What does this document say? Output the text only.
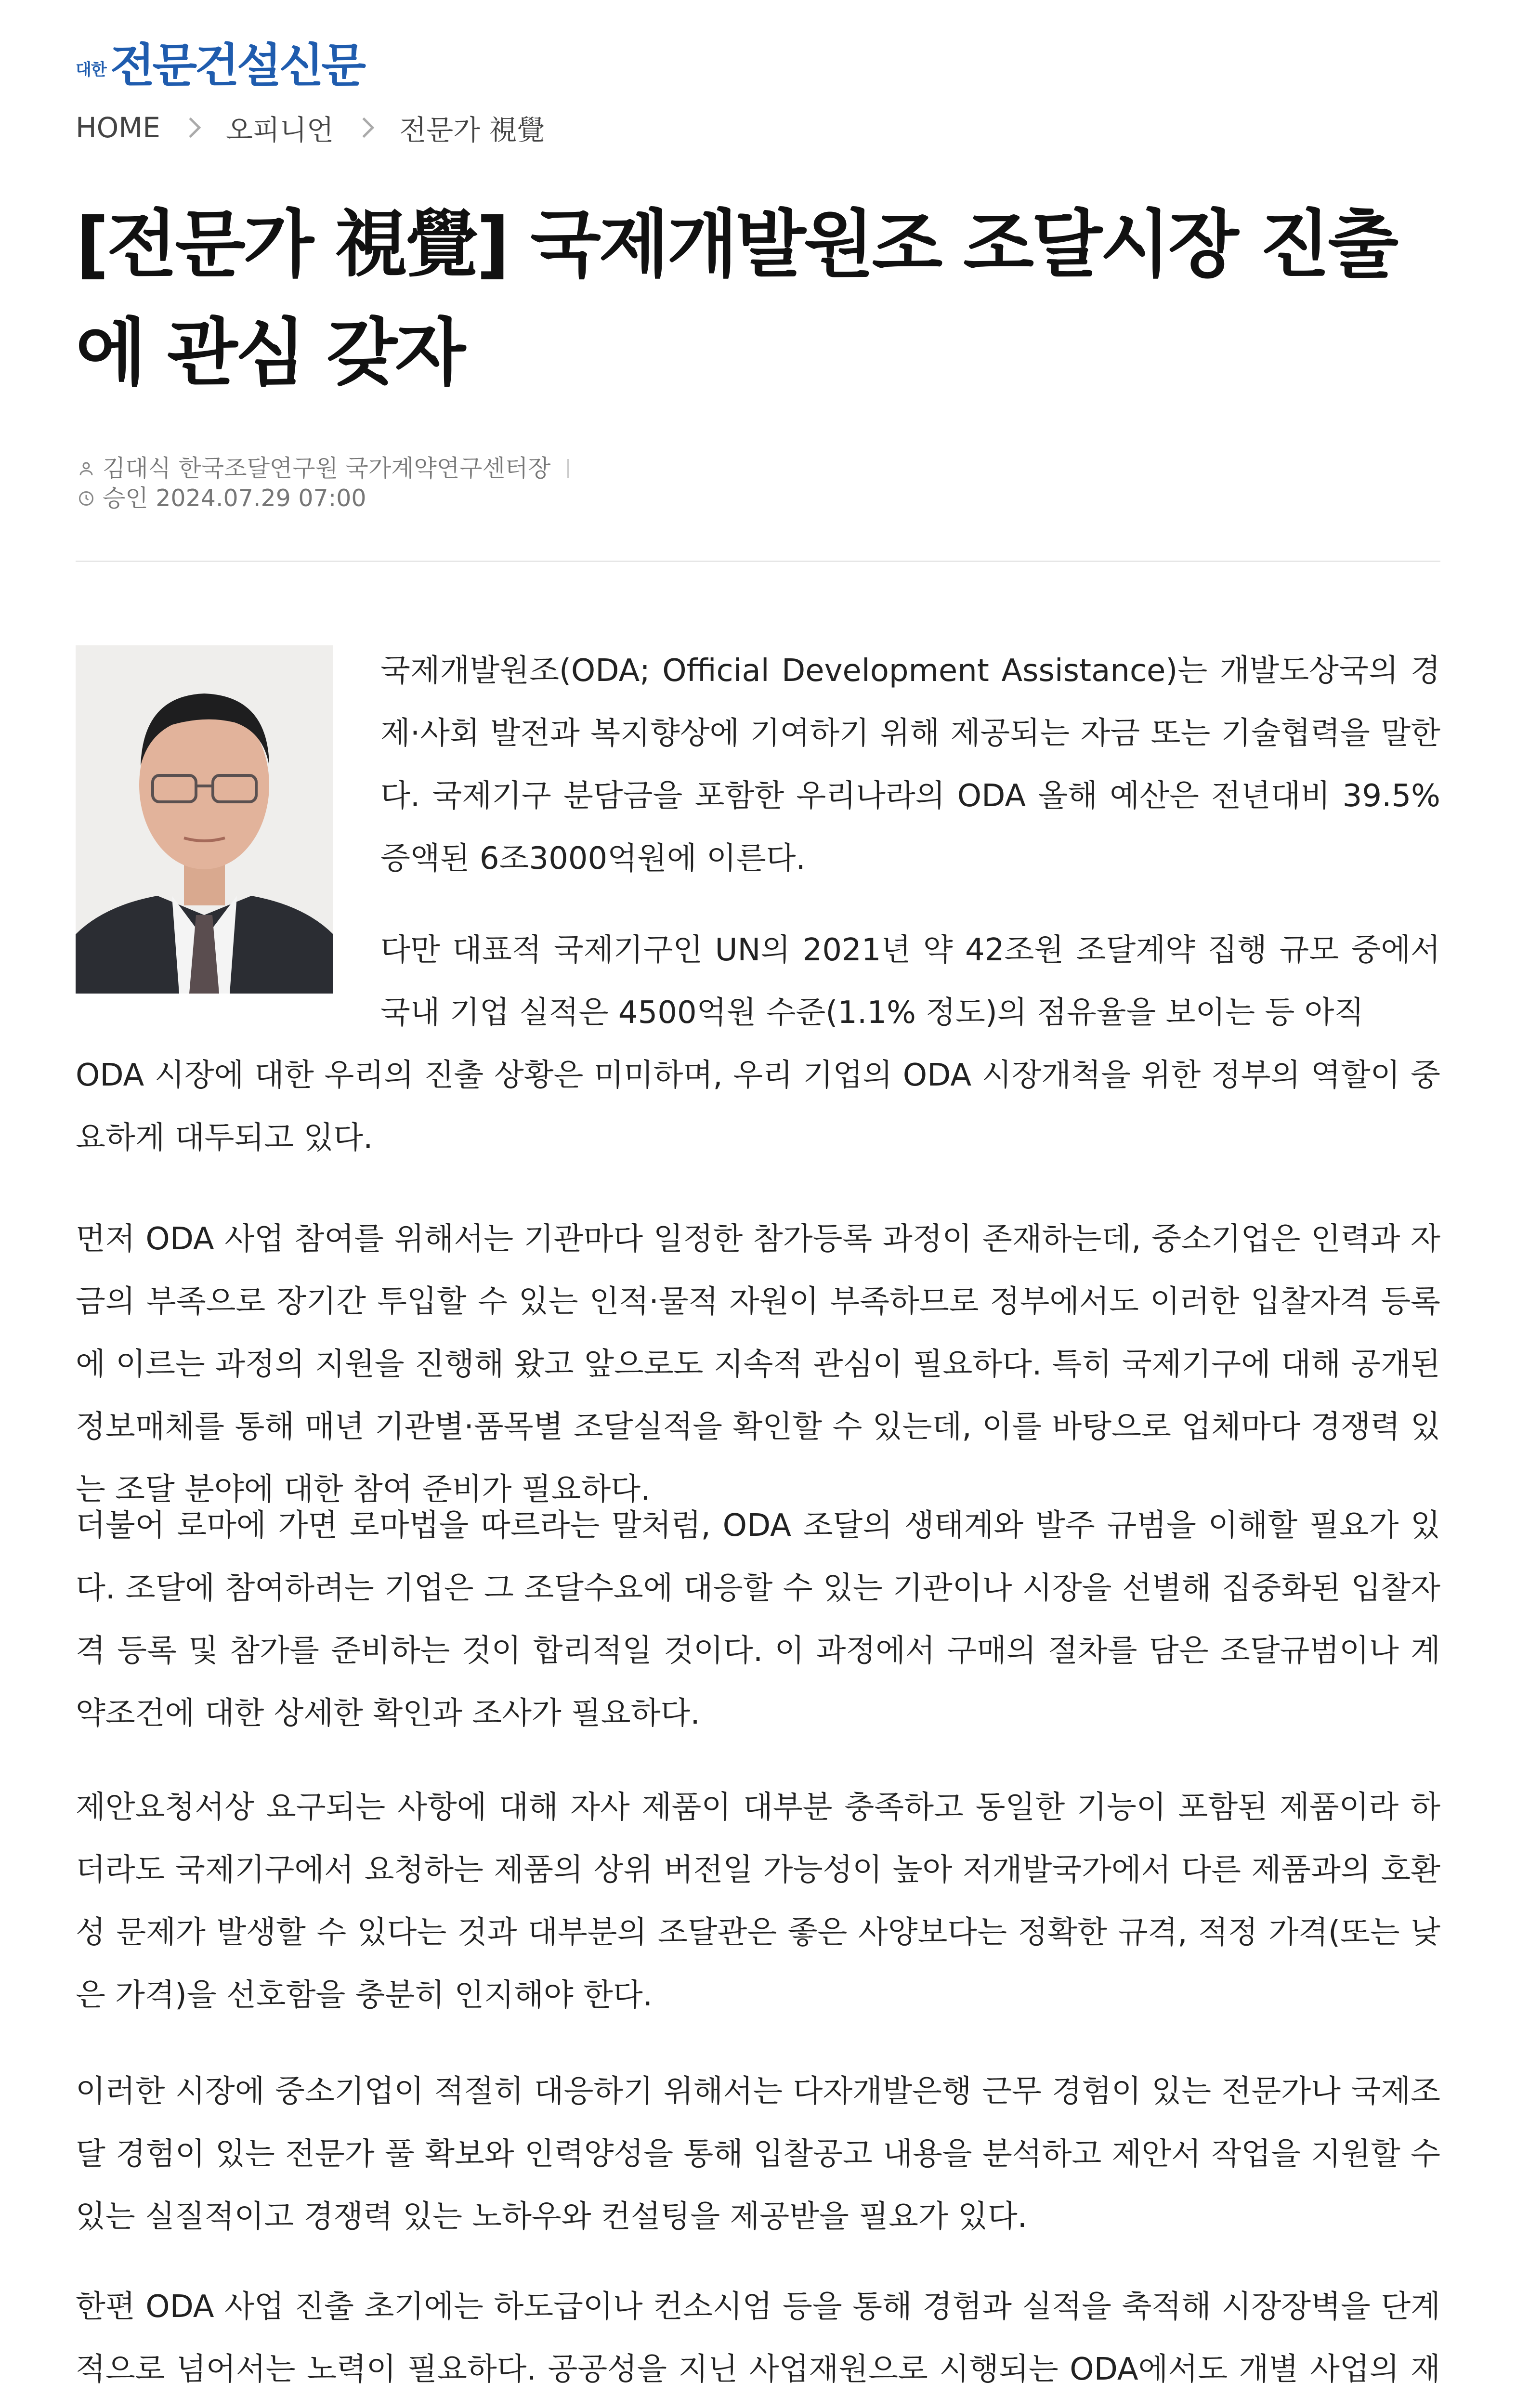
대한 전문건설신문
HOME 오피니언 전문가 視覺
[전문가 視覺] 국제개발원조 조달시장 진출에 관심 갖자
김대식 한국조달연구원 국가계약연구센터장
승인 2024.07.29 07:00

국제개발원조(ODA; Official Development Assistance)는 개발도상국의 경제·사회 발전과 복지향상에 기여하기 위해 제공되는 자금 또는 기술협력을 말한다. 국제기구 분담금을 포함한 우리나라의 ODA 올해 예산은 전년대비 39.5% 증액된 6조3000억원에 이른다.

다만 대표적 국제기구인 UN의 2021년 약 42조원 조달계약 집행 규모 중에서 국내 기업 실적은 4500억원 수준(1.1% 정도)의 점유율을 보이는 등 아직

ODA 시장에 대한 우리의 진출 상황은 미미하며, 우리 기업의 ODA 시장개척을 위한 정부의 역할이 중요하게 대두되고 있다.

먼저 ODA 사업 참여를 위해서는 기관마다 일정한 참가등록 과정이 존재하는데, 중소기업은 인력과 자금의 부족으로 장기간 투입할 수 있는 인적·물적 자원이 부족하므로 정부에서도 이러한 입찰자격 등록에 이르는 과정의 지원을 진행해 왔고 앞으로도 지속적 관심이 필요하다. 특히 국제기구에 대해 공개된 정보매체를 통해 매년 기관별·품목별 조달실적을 확인할 수 있는데, 이를 바탕으로 업체마다 경쟁력 있는 조달 분야에 대한 참여 준비가 필요하다.

더불어 로마에 가면 로마법을 따르라는 말처럼, ODA 조달의 생태계와 발주 규범을 이해할 필요가 있다. 조달에 참여하려는 기업은 그 조달수요에 대응할 수 있는 기관이나 시장을 선별해 집중화된 입찰자격 등록 및 참가를 준비하는 것이 합리적일 것이다. 이 과정에서 구매의 절차를 담은 조달규범이나 계약조건에 대한 상세한 확인과 조사가 필요하다.

제안요청서상 요구되는 사항에 대해 자사 제품이 대부분 충족하고 동일한 기능이 포함된 제품이라 하더라도 국제기구에서 요청하는 제품의 상위 버전일 가능성이 높아 저개발국가에서 다른 제품과의 호환성 문제가 발생할 수 있다는 것과 대부분의 조달관은 좋은 사양보다는 정확한 규격, 적정 가격(또는 낮은 가격)을 선호함을 충분히 인지해야 한다.

이러한 시장에 중소기업이 적절히 대응하기 위해서는 다자개발은행 근무 경험이 있는 전문가나 국제조달 경험이 있는 전문가 풀 확보와 인력양성을 통해 입찰공고 내용을 분석하고 제안서 작업을 지원할 수 있는 실질적이고 경쟁력 있는 노하우와 컨설팅을 제공받을 필요가 있다.

한편 ODA 사업 진출 초기에는 하도급이나 컨소시엄 등을 통해 경험과 실적을 축적해 시장장벽을 단계적으로 넘어서는 노력이 필요하다. 공공성을 지닌 사업재원으로 시행되는 ODA에서도 개별 사업의 재
